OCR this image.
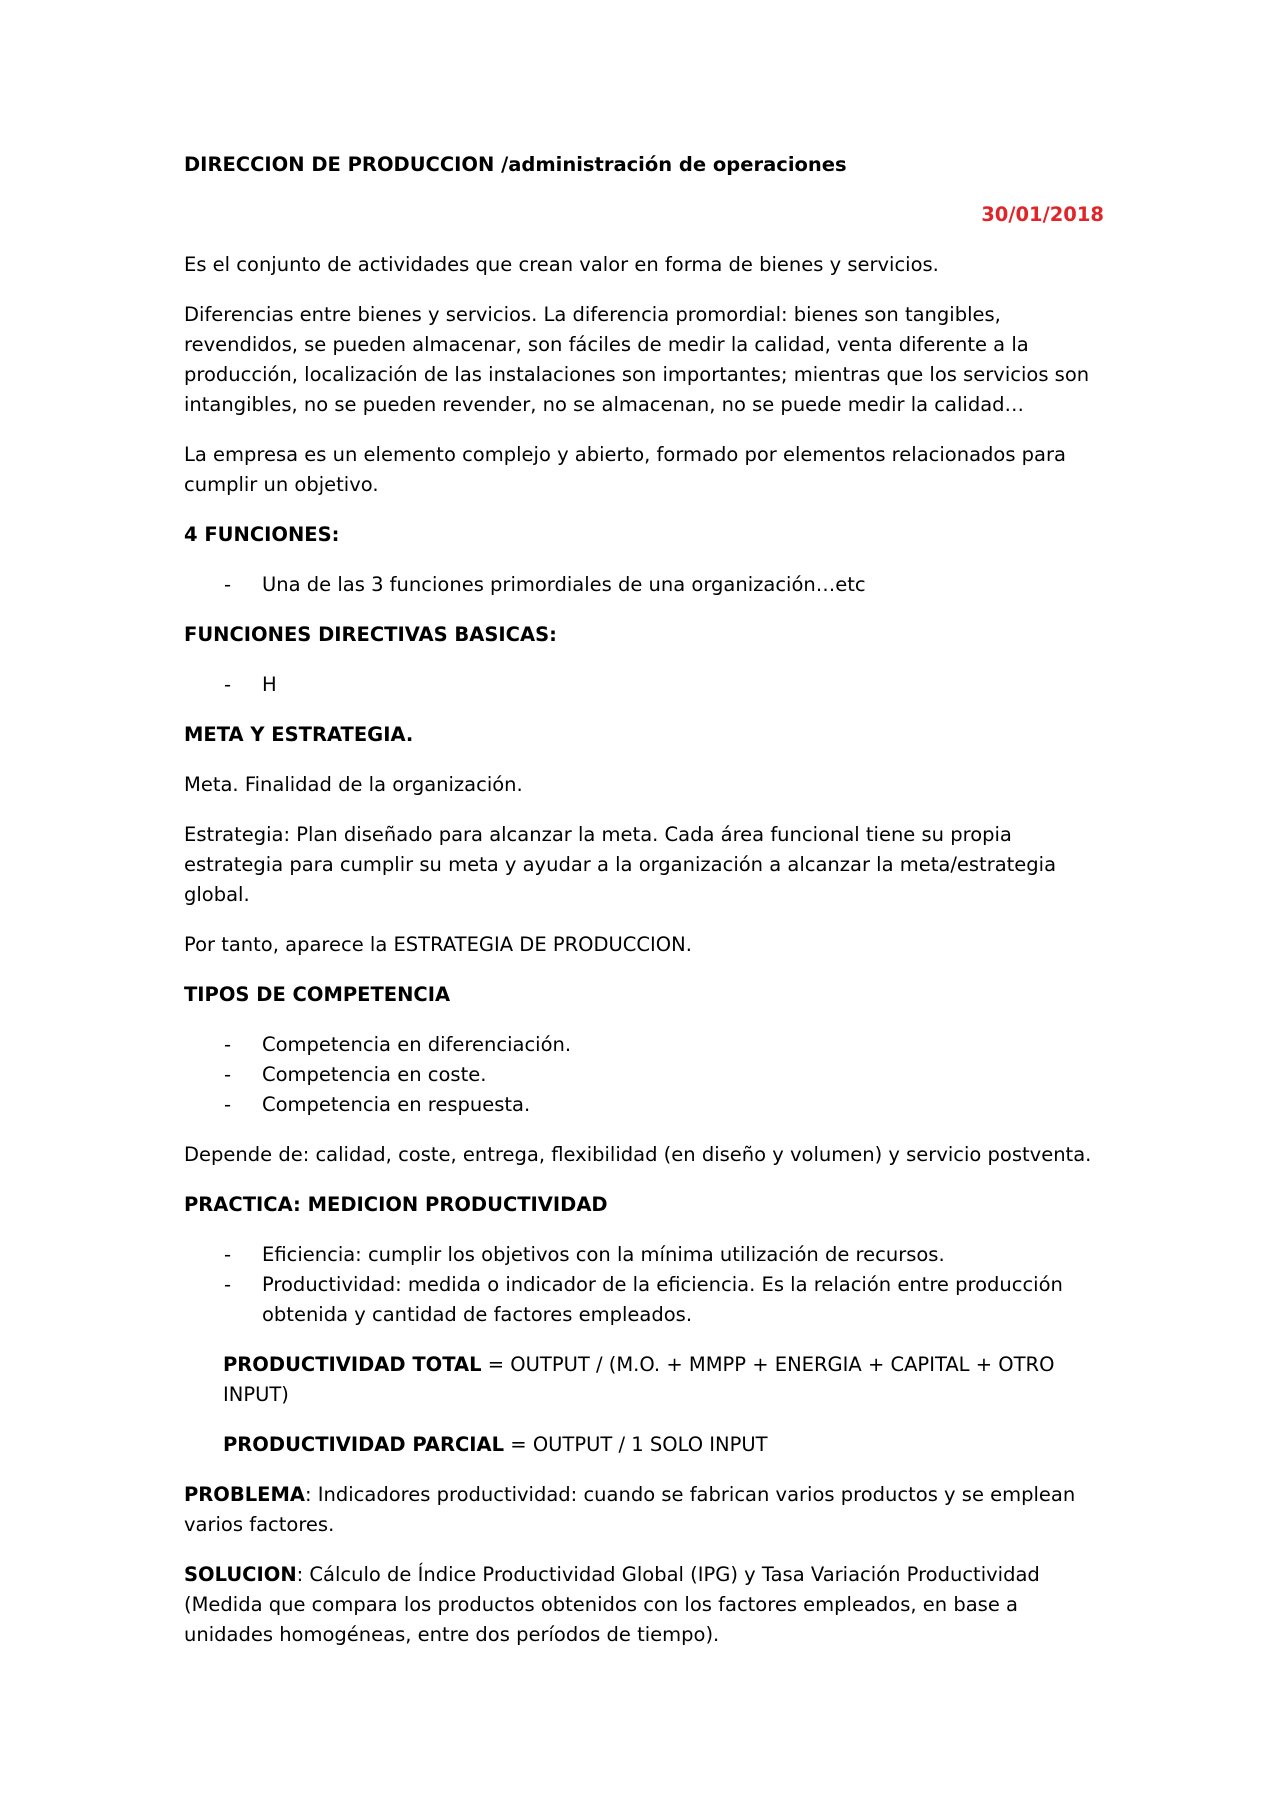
DIRECCION DE PRODUCCION /administración de operaciones
30/01/2018

Es el conjunto de actividades que crean valor en forma de bienes y servicios.

Diferencias entre bienes y servicios. La diferencia promordial: bienes son tangibles, revendidos, se pueden almacenar, son fáciles de medir la calidad, venta diferente a la producción, localización de las instalaciones son importantes; mientras que los servicios son intangibles, no se pueden revender, no se almacenan, no se puede medir la calidad…

La empresa es un elemento complejo y abierto, formado por elementos relacionados para cumplir un objetivo.

4 FUNCIONES:
- Una de las 3 funciones primordiales de una organización…etc
FUNCIONES DIRECTIVAS BASICAS:
- H
META Y ESTRATEGIA.

Meta. Finalidad de la organización.

Estrategia: Plan diseñado para alcanzar la meta. Cada área funcional tiene su propia estrategia para cumplir su meta y ayudar a la organización a alcanzar la meta/estrategia global.

Por tanto, aparece la ESTRATEGIA DE PRODUCCION.

TIPOS DE COMPETENCIA
- Competencia en diferenciación.
- Competencia en coste.
- Competencia en respuesta.

Depende de: calidad, coste, entrega, flexibilidad (en diseño y volumen) y servicio postventa.

PRACTICA: MEDICION PRODUCTIVIDAD
- Eficiencia: cumplir los objetivos con la mínima utilización de recursos.
- Productividad: medida o indicador de la eficiencia. Es la relación entre producción obtenida y cantidad de factores empleados.

PRODUCTIVIDAD TOTAL = OUTPUT / (M.O. + MMPP + ENERGIA + CAPITAL + OTRO INPUT)

PRODUCTIVIDAD PARCIAL = OUTPUT / 1 SOLO INPUT

PROBLEMA: Indicadores productividad: cuando se fabrican varios productos y se emplean varios factores.

SOLUCION: Cálculo de Índice Productividad Global (IPG) y Tasa Variación Productividad (Medida que compara los productos obtenidos con los factores empleados, en base a unidades homogéneas, entre dos períodos de tiempo).
